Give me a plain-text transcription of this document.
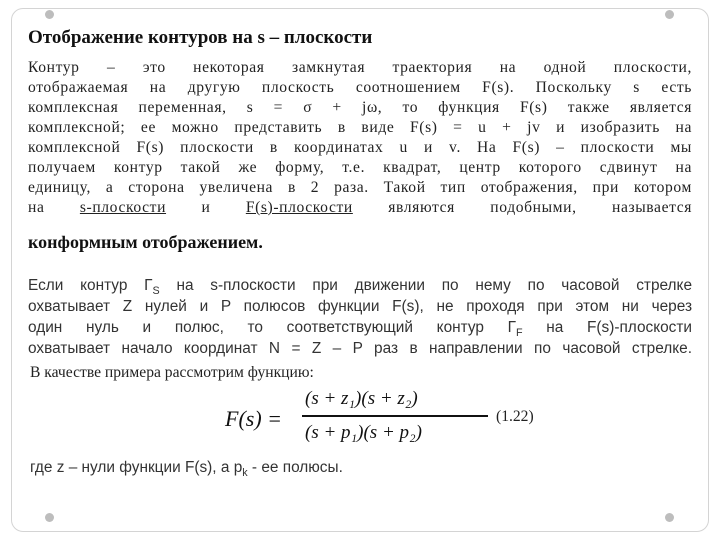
Отображение контуров на s – плоскости
Контур – это некоторая замкнутая траектория на одной плоскости,
отображаемая на другую плоскость соотношением F(s). Поскольку s есть
комплексная переменная, s = σ + jω, то функция F(s) также является
комплексной; ее можно представить в виде F(s) = u + jv и изобразить на
комплексной F(s) плоскости в координатах u и v. На F(s) – плоскости мы
получаем контур такой же форму, т.е. квадрат, центр которого сдвинут на
единицу, а сторона увеличена в 2 раза. Такой тип отображения, при котором
на s-плоскости и F(s)-плоскости являются подобными, называется
конформным отображением.
Если контур $Г_S$ на s-плоскости при движении по нему по часовой стрелке
охватывает Z нулей и P полюсов функции F(s), не проходя при этом ни через
один нуль и полюс, то соответствующий контур $Г_F$ на F(s)-плоскости
охватывает начало координат N = Z – P раз в направлении по часовой стрелке.
В качестве примера рассмотрим функцию:
F(s) =
(s + z₁)(s + z₂)
(s + p₁)(s + p₂)
(1.22)
где z – нули функции F(s), а $p_k$ - ее полюсы.
